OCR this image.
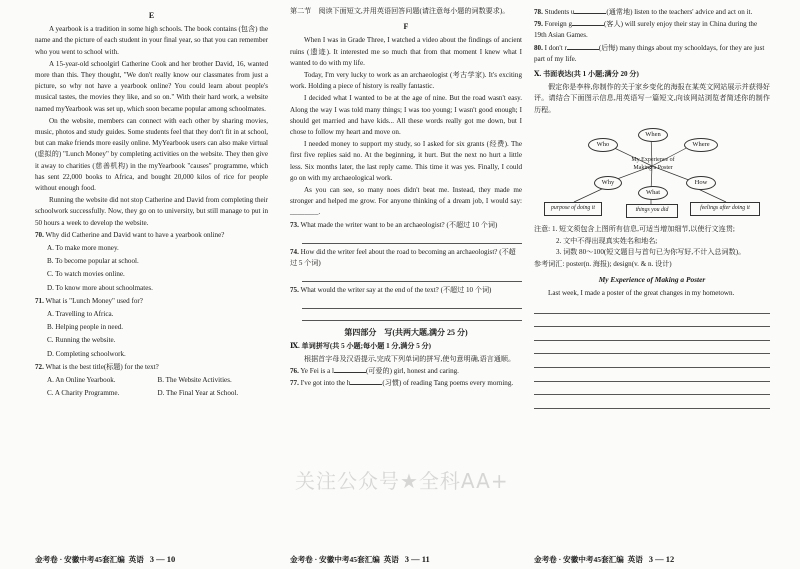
E

A yearbook is a tradition in some high schools. The book contains (包含) the name and the picture of each student in your final year, so that you can remember who you went to school with.

A 15-year-old schoolgirl Catherine Cook and her brother David, 16, wanted more than this. They thought, "We don't really know our classmates from just a picture, so why not have a yearbook online? You could learn about people's musical tastes, the movies they like, and so on." With their hard work, a website named myYearbook was set up, which soon became popular among schoolmates.

On the website, members can connect with each other by sharing movies, music, photos and study guides. Some students feel that they don't fit in at school, but can make friends more easily online. MyYearbook users can also make virtual (虚拟的) "Lunch Money" by completing activities on the website. They then give it away to charities (慈善机构) in the myYearbook "causes" programme, which has sent 22,000 books to Africa, and bought 20,000 kilos of rice for people without enough food.

Running the website did not stop Catherine and David from completing their schoolwork successfully. Now, they go on to university, but still manage to put in 50 hours a week to develop the website.

70. Why did Catherine and David want to have a yearbook online?
A. To make more money.
B. To become popular at school.
C. To watch movies online.
D. To know more about schoolmates.
71. What is "Lunch Money" used for?
A. Travelling to Africa.
B. Helping people in need.
C. Running the website.
D. Completing schoolwork.
72. What is the best title(标题) for the text?
A. An Online Yearbook.	B. The Website Activities.
C. A Charity Programme.	D. The Final Year at School.
金考卷 · 安徽中考45套汇编 英语 3 — 10

第二节　阅读下面短文,并用英语回答问题(请注意每小题的词数要求)。

F

When I was in Grade Three, I watched a video about the findings of ancient ruins (遗迹). It interested me so much that from that moment I knew what I wanted to do with my life.

Today, I'm very lucky to work as an archaeologist (考古学家). It's exciting work. Holding a piece of history is really fantastic.

I decided what I wanted to be at the age of nine. But the road wasn't easy. Along the way I was told many things; I was too young; I wasn't good enough; I should get married and have kids... All these words really got me down, but I chose to follow my heart and move on.

I needed money to support my study, so I asked for six grants (经费). The first five replies said no. At the beginning, it hurt. But the next no hurt a little less. Six months later, the last reply came. This time it was yes. Finally, I could go on with my archaeological work.

As you can see, so many noes didn't beat me. Instead, they made me stronger and helped me grow. For anyone thinking of a dream job, I would say: ________.

73. What made the writer want to be an archaeologist? (不超过 10 个词)
74. How did the writer feel about the road to becoming an archaeologist? (不超过 5 个词)
75. What would the writer say at the end of the text? (不超过 10 个词)
第四部分　写(共两大题,满分 25 分)
Ⅸ. 单词拼写(共 5 小题;每小题 1 分,满分 5 分)

根据首字母及汉语提示,完成下列单词的拼写,使句意明确,语言通顺。

76. Ye Fei is a l	(可爱的) girl, honest and caring.
77. I've got into the h	(习惯) of reading Tang poems every morning.
金考卷 · 安徽中考45套汇编 英语 3 — 11
78. Students u	(通常地) listen to the teachers' advice and act on it.
79. Foreign g	(客人) will surely enjoy their stay in China during the 19th Asian Games.
80. I don't r	(后悔) many things about my schooldays, for they are just part of my life.
Ⅹ. 书面表达(共 1 小题;满分 20 分)

假定你是李梓,你制作的关于家乡变化的海报在某英文网站展示并获得好评。请结合下面图示信息,用英语写一篇短文,向该网站浏览者简述你的制作历程。

When
Who	Where
Why
What
How
My Experience of Making a Poster
purpose of doing it	things you did	feelings after doing it
注意: 1. 短文须包含上图所有信息,可适当增加细节,以使行文连贯;
2. 文中不得出现真实姓名和地名;
3. 词数 80～100(短文题目与首句已为你写好,不计入总词数)。
参考词汇: poster(n. 海报); design(v. & n. 设计)
My Experience of Making a Poster

Last week, I made a poster of the great changes in my hometown.

金考卷 · 安徽中考45套汇编 英语 3 — 12
关注公众号★全科AA+
